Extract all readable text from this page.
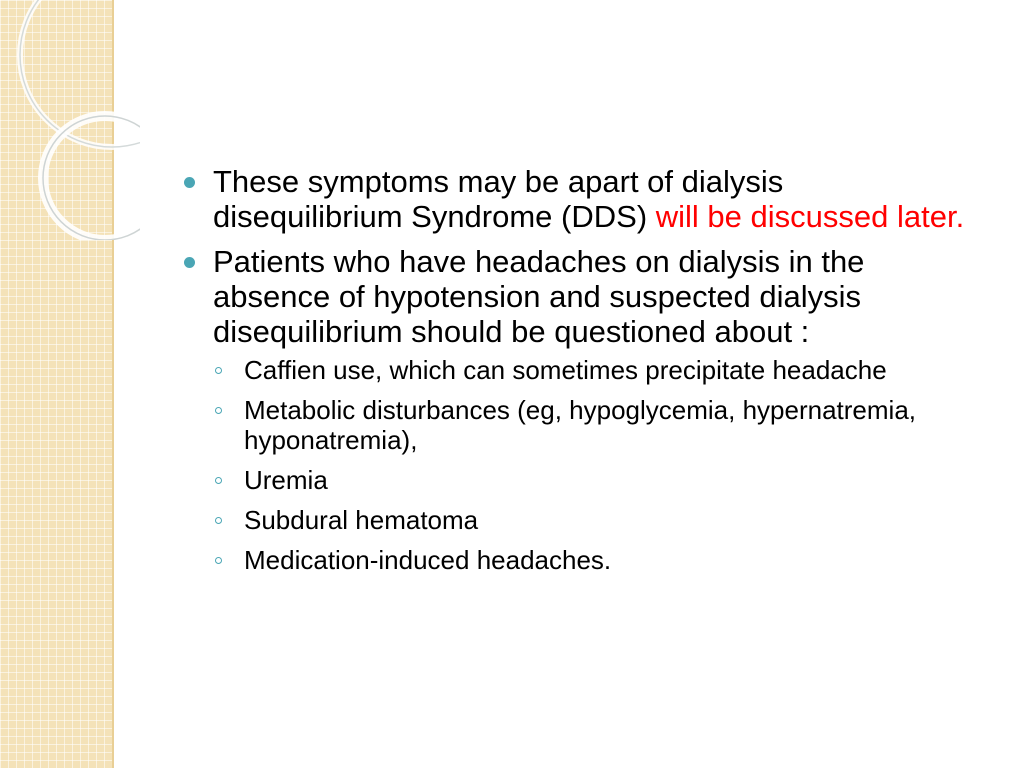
These symptoms may be apart of dialysis disequilibrium Syndrome (DDS) will be discussed later.
Patients who have headaches on dialysis in the absence of hypotension and suspected dialysis disequilibrium should be questioned about :
Caffien use, which can sometimes precipitate headache
Metabolic disturbances (eg, hypoglycemia, hypernatremia, hyponatremia),
Uremia
Subdural hematoma
Medication-induced headaches.
